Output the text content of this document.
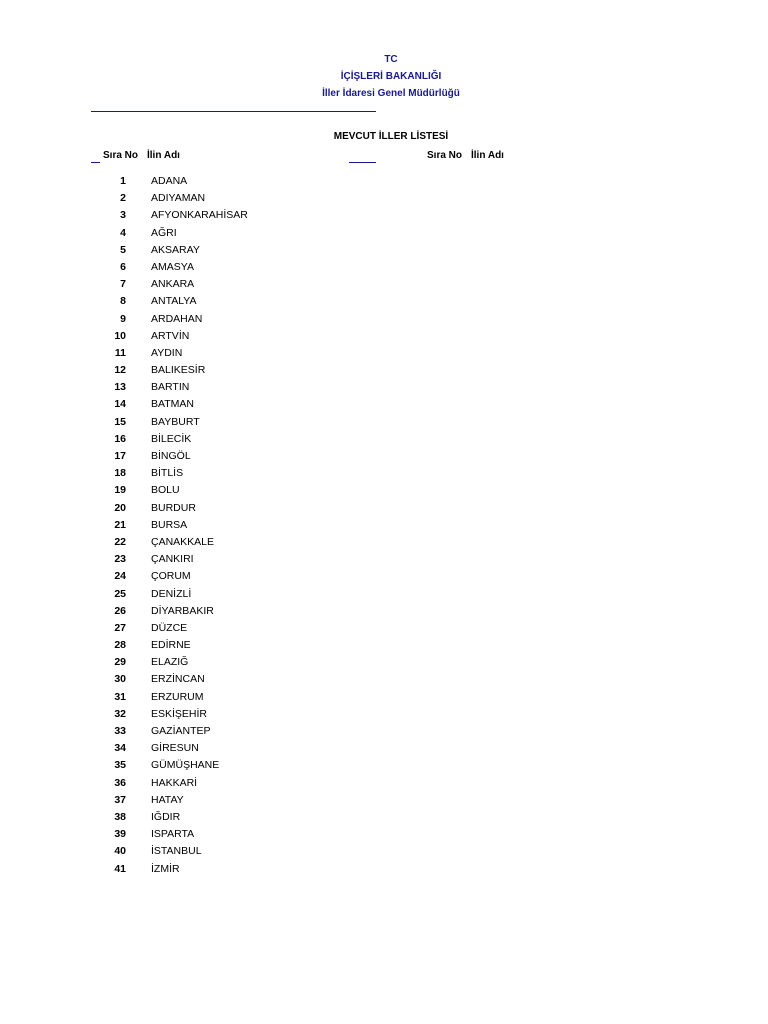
TC
İÇİŞLERİ BAKANLIĞI
İller İdaresi Genel Müdürlüğü
MEVCUT İLLER LİSTESİ
Sıra No İlin Adı	Sıra No İlin Adı
1 ADANA
2 ADIYAMAN
3 AFYONKARAHİSAR
4 AĞRI
5 AKSARAY
6 AMASYA
7 ANKARA
8 ANTALYA
9 ARDAHAN
10 ARTVİN
11 AYDIN
12 BALIKESİR
13 BARTIN
14 BATMAN
15 BAYBURT
16 BİLECİK
17 BİNGÖL
18 BİTLİS
19 BOLU
20 BURDUR
21 BURSA
22 ÇANAKKALE
23 ÇANKIRI
24 ÇORUM
25 DENİZLİ
26 DİYARBAKIR
27 DÜZCE
28 EDİRNE
29 ELAZIĞ
30 ERZİNCAN
31 ERZURUM
32 ESKİŞEHİR
33 GAZİANTEP
34 GİRESUN
35 GÜMÜŞHANE
36 HAKKARİ
37 HATAY
38 IĞDIR
39 ISPARTA
40 İSTANBUL
41 İZMİR
